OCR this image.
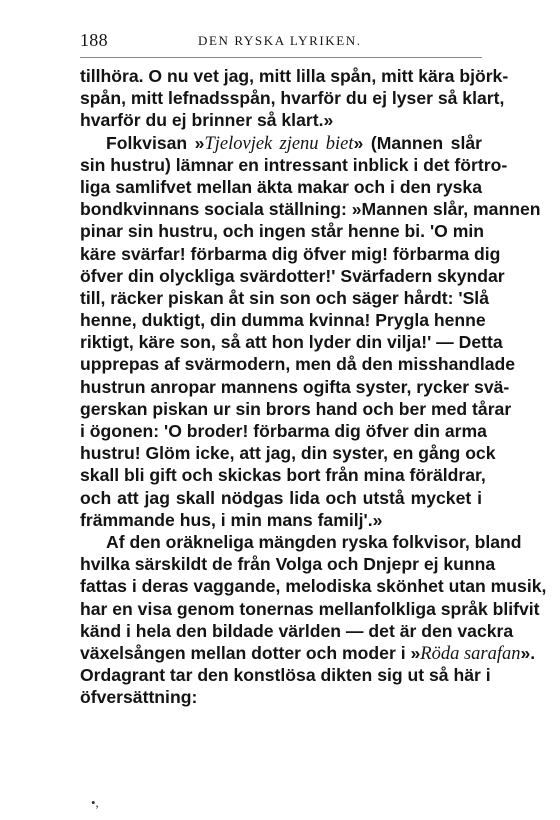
188	DEN RYSKA LYRIKEN.
tillhöra. O nu vet jag, mitt lilla spån, mitt kära björk-
spån, mitt lefnadsspån, hvarför du ej lyser så klart,
hvarför du ej brinner så klart.»
Folkvisan »Tjelovjek zjenu biet» (Mannen slår
sin hustru) lämnar en intressant inblick i det förtro-
liga samlifvet mellan äkta makar och i den ryska
bondkvinnans sociala ställning: »Mannen slår, mannen
pinar sin hustru, och ingen står henne bi. 'O min
käre svärfar! förbarma dig öfver mig! förbarma dig
öfver din olyckliga svärdotter!' Svärfadern skyndar
till, räcker piskan åt sin son och säger hårdt: 'Slå
henne, duktigt, din dumma kvinna! Prygla henne
riktigt, käre son, så att hon lyder din vilja!' — Detta
upprepas af svärmodern, men då den misshandlade
hustrun anropar mannens ogifta syster, rycker svä-
gerskan piskan ur sin brors hand och ber med tårar
i ögonen: 'O broder! förbarma dig öfver din arma
hustru! Glöm icke, att jag, din syster, en gång ock
skall bli gift och skickas bort från mina föräldrar,
och att jag skall nödgas lida och utstå mycket i
främmande hus, i min mans familj'.»
Af den oräkneliga mängden ryska folkvisor, bland
hvilka särskildt de från Volga och Dnjepr ej kunna
fattas i deras vaggande, melodiska skönhet utan musik,
har en visa genom tonernas mellanfolkliga språk blifvit
känd i hela den bildade världen — det är den vackra
växelsången mellan dotter och moder i »Röda sarafan».
Ordagrant tar den konstlösa dikten sig ut så här i
öfversättning:
•,
